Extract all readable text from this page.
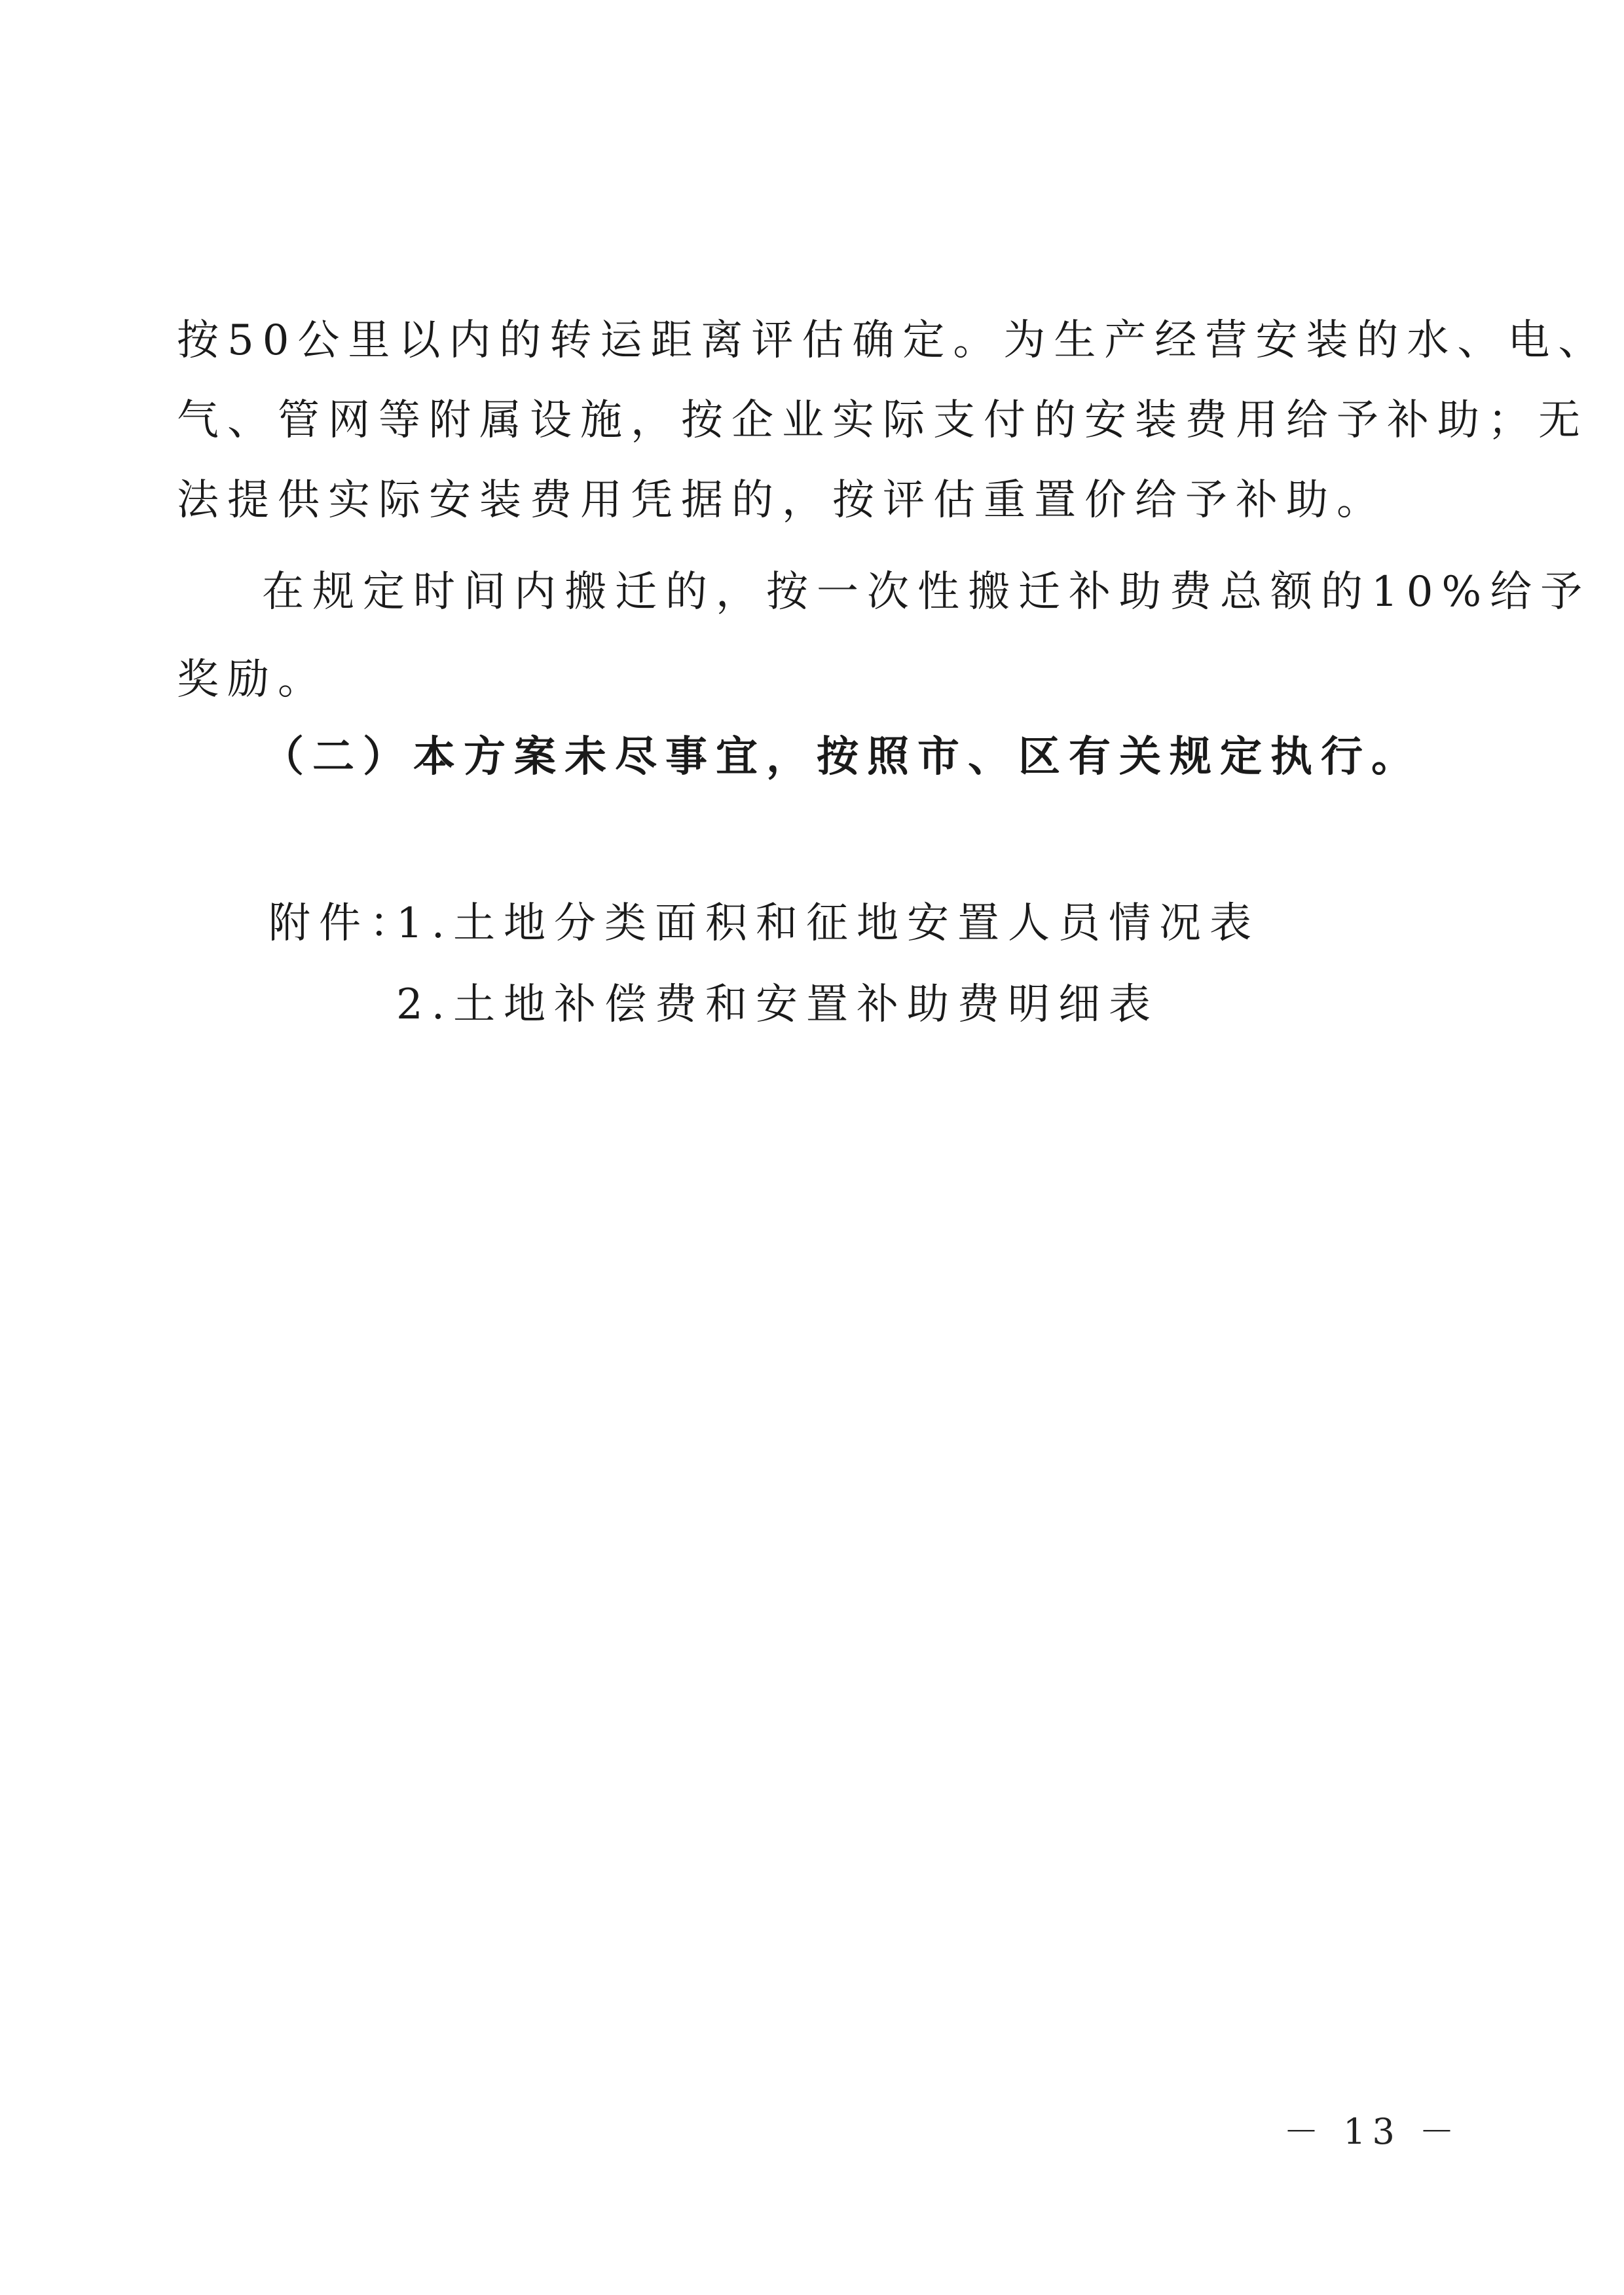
按50公里以内的转运距离评估确定。为生产经营安装的水、电、
气、管网等附属设施，按企业实际支付的安装费用给予补助；无
法提供实际安装费用凭据的，按评估重置价给予补助。
在规定时间内搬迁的，按一次性搬迁补助费总额的10%给予
奖励。
（二）本方案未尽事宜，按照市、区有关规定执行。
附件：
1.土地分类面积和征地安置人员情况表
2.土地补偿费和安置补助费明细表
－ 13 －
